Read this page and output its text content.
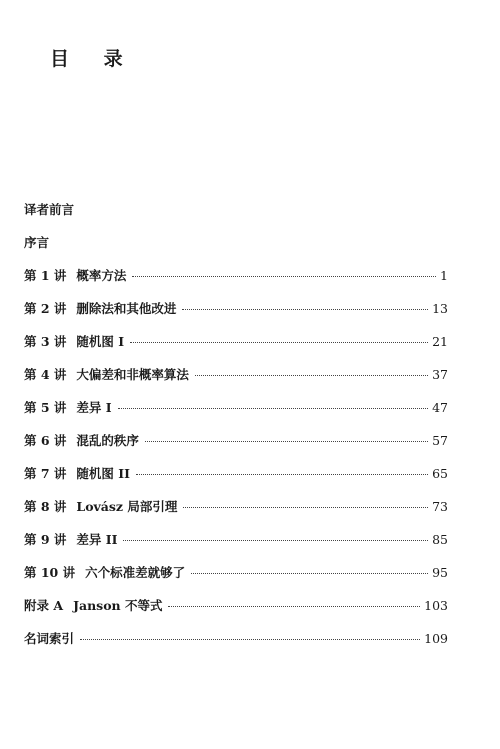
目 录
译者前言
序言
第 1 讲 概率方法	1
第 2 讲 删除法和其他改进	13
第 3 讲 随机图 I	21
第 4 讲 大偏差和非概率算法	37
第 5 讲 差异 I	47
第 6 讲 混乱的秩序	57
第 7 讲 随机图 II	65
第 8 讲 Lovász 局部引理	73
第 9 讲 差异 II	85
第 10 讲 六个标准差就够了	95
附录 A Janson 不等式	103
名词索引	109
